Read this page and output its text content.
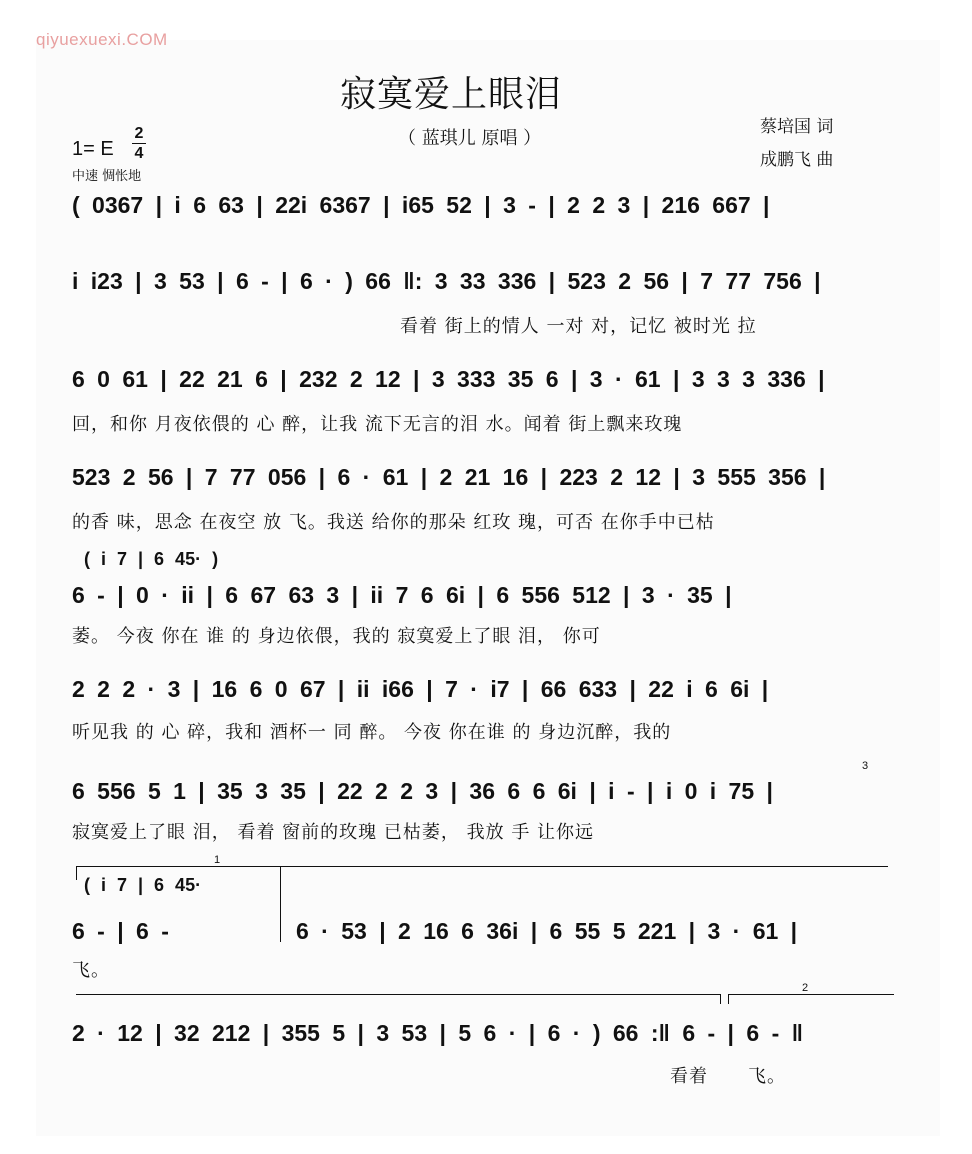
qiyuexuexi.COM
寂寞爱上眼泪
（ 蓝琪儿 原唱 ）
蔡培国 词
成鹏飞 曲
1= E
2
4
中速 惆怅地
( 0367 | i 6 63 | 22i 6367 | i65 52 | 3 - | 2 2 3 | 216 667 |
i i23 | 3 53 | 6 - | 6 · ) 66 ‖: 3 33 336 | 523 2 56 | 7 77 756 |
看着 街上的情人 一对 对，记忆 被时光 拉
6 0 61 | 22 21 6 | 232 2 12 | 3 333 35 6 | 3 · 61 | 3 3 3 336 |
回，和你 月夜依偎的 心 醉，让我 流下无言的泪 水。闻着 街上飘来玫瑰
523 2 56 | 7 77 056 | 6 · 61 | 2 21 16 | 223 2 12 | 3 555 356 |
的香 味，思念 在夜空 放 飞。我送 给你的那朵 红玫 瑰，可否 在你手中已枯
( i 7 | 6 45· )
6 - | 0 · ii | 6 67 63 3 | ii 7 6 6i | 6 556 512 | 3 · 35 |
萎。 今夜 你在 谁 的 身边依偎，我的 寂寞爱上了眼 泪， 你可
2 2 2 · 3 | 16 6 0 67 | ii i66 | 7 · i7 | 66 633 | 22 i 6 6i |
听见我 的 心 碎，我和 酒杯一 同 醉。 今夜 你在谁 的 身边沉醉，我的
6 556 5 1 | 35 3 35 | 22 2 2 3 | 36 6 6 6i | i - | i 0 i 75 |
寂寞爱上了眼 泪， 看着 窗前的玫瑰 已枯萎， 我放 手 让你远
3
1
( i 7 | 6 45·
6 - | 6 -	6 · 53 | 2 16 6 36i | 6 55 5 221 | 3 · 61 |
飞。
2
2 · 12 | 32 212 | 355 5 | 3 53 | 5 6 · | 6 · ) 66 :‖ 6 - | 6 - ‖
看着	飞。
